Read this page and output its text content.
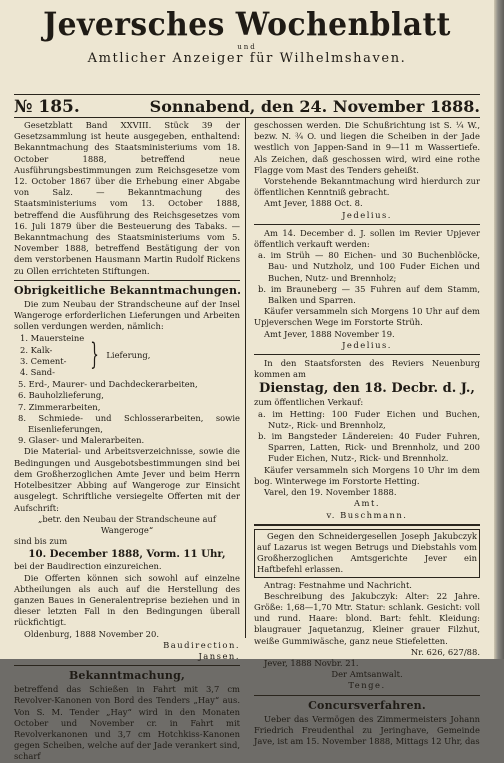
Jeversches Wochenblatt
und
Amtlicher Anzeiger für Wilhelmshaven.
№ 185.	Sonnabend, den 24. November 1888.

Gesetzblatt Band XXVIII. Stück 39 der Gesetzsammlung ist heute ausgegeben, enthaltend: Bekanntmachung des Staatsministeriums vom 18. October 1888, betreffend neue Ausführungsbestimmungen zum Reichsgesetze vom 12. October 1867 über die Erhebung einer Abgabe von Salz. — Bekanntmachung des Staatsministeriums vom 13. October 1888, betreffend die Ausführung des Reichsgesetzes vom 16. Juli 1879 über die Besteuerung des Tabaks. — Bekanntmachung des Staatsministeriums vom 5. November 1888, betreffend Bestätigung der von dem verstorbenen Hausmann Martin Rudolf Rickens zu Ollen errichteten Stiftungen.

Obrigkeitliche Bekanntmachungen.

Die zum Neubau der Strandscheune auf der Insel Wangeroge erforderlichen Lieferungen und Arbeiten sollen verdungen werden, nämlich:

1. Mauersteine
2. Kalk-
3. Cement-
4. Sand-	} Lieferung,
5. Erd-, Maurer- und Dachdeckerarbeiten,
6. Bauholzlieferung,
7. Zimmerarbeiten,
8. Schmiede- und Schlosserarbeiten, sowie Eisenlieferungen,
9. Glaser- und Malerarbeiten.

Die Material- und Arbeitsverzeichnisse, sowie die Bedingungen und Ausgebotsbestimmungen sind bei dem Großherzoglichen Amte Jever und beim Herrn Hotelbesitzer Abbing auf Wangeroge zur Einsicht ausgelegt. Schriftliche versiegelte Offerten mit der Aufschrift:

„betr. den Neubau der Strandscheune auf Wangeroge“

sind bis zum

10. December 1888, Vorm. 11 Uhr,

bei der Baudirection einzureichen.

Die Offerten können sich sowohl auf einzelne Abtheilungen als auch auf die Herstellung des ganzen Baues in Generalentreprise beziehen und in dieser letzten Fall in den Bedingungen überall rückfichtigt.

Oldenburg, 1888 November 20.

Baudirection.

Jansen.

Bekanntmachung,

betreffend das Schießen in Fahrt mit 3,7 cm Revolver-Kanonen von Bord des Tenders „Hay“ aus. Von S. M. Tender „Hay“ wird in den Monaten October und November cr. in Fahrt mit Revolverkanonen und 3,7 cm Hotchkiss-Kanonen gegen Scheiben, welche auf der Jade verankert sind, scharf

geschossen werden. Die Schußrichtung ist S. ¼ W., bezw. N. ¾ O. und liegen die Scheiben in der Jade westlich von Jappen-Sand in 9—11 m Wassertiefe. Als Zeichen, daß geschossen wird, wird eine rothe Flagge vom Mast des Tenders geheißt.

Vorstehende Bekanntmachung wird hierdurch zur öffentlichen Kenntniß gebracht.

Amt Jever, 1888 Oct. 8.

Jedelius.

Am 14. December d. J. sollen im Revier Upjever öffentlich verkauft werden:

a. im Strüh — 80 Eichen- und 30 Buchenblöcke, Bau- und Nutzholz, und 100 Fuder Eichen und Buchen, Nutz- und Brennholz;
b. im Brauneberg — 35 Fuhren auf dem Stamm, Balken und Sparren.

Käufer versammeln sich Morgens 10 Uhr auf dem Upjeverschen Wege im Forstorte Strüh.

Amt Jever, 1888 November 19.

Jedelius.

In den Staatsforsten des Reviers Neuenburg kommen am

Dienstag, den 18. Decbr. d. J.,

zum öffentlichen Verkauf:

a. im Hetting: 100 Fuder Eichen und Buchen, Nutz-, Rick- und Brennholz,
b. im Bangsteder Ländereien: 40 Fuder Fuhren, Sparren, Latten, Rick- und Brennholz, und 200 Fuder Eichen, Nutz-, Rick- und Brennholz.

Käufer versammeln sich Morgens 10 Uhr im dem bog. Winterwege im Forstorte Hetting.

Varel, den 19. November 1888.

Amt.

v. Buschmann.

Gegen den Schneidergesellen Joseph Jakubczyk auf Lazarus ist wegen Betrugs und Diebstahls vom Großherzoglichen Amtsgerichte Jever ein Haftbefehl erlassen.

Antrag: Festnahme und Nachricht.

Beschreibung des Jakubczyk: Alter: 22 Jahre. Größe: 1,68—1,70 Mtr. Statur: schlank. Gesicht: voll und rund. Haare: blond. Bart: fehlt. Kleidung: blaugrauer Jaquetanzug, Kleiner grauer Filzhut, weiße Gummiwäsche, ganz neue Stiefeletten.

Nr. 626, 627/88.

Jever, 1888 Novbr. 21.

Der Amtsanwalt.

Tenge.

Concursverfahren.

Ueber das Vermögen des Zimmermeisters Johann Friedrich Freudenthal zu Jeringhave, Gemeinde Jave, ist am 15. November 1888, Mittags 12 Uhr, das
